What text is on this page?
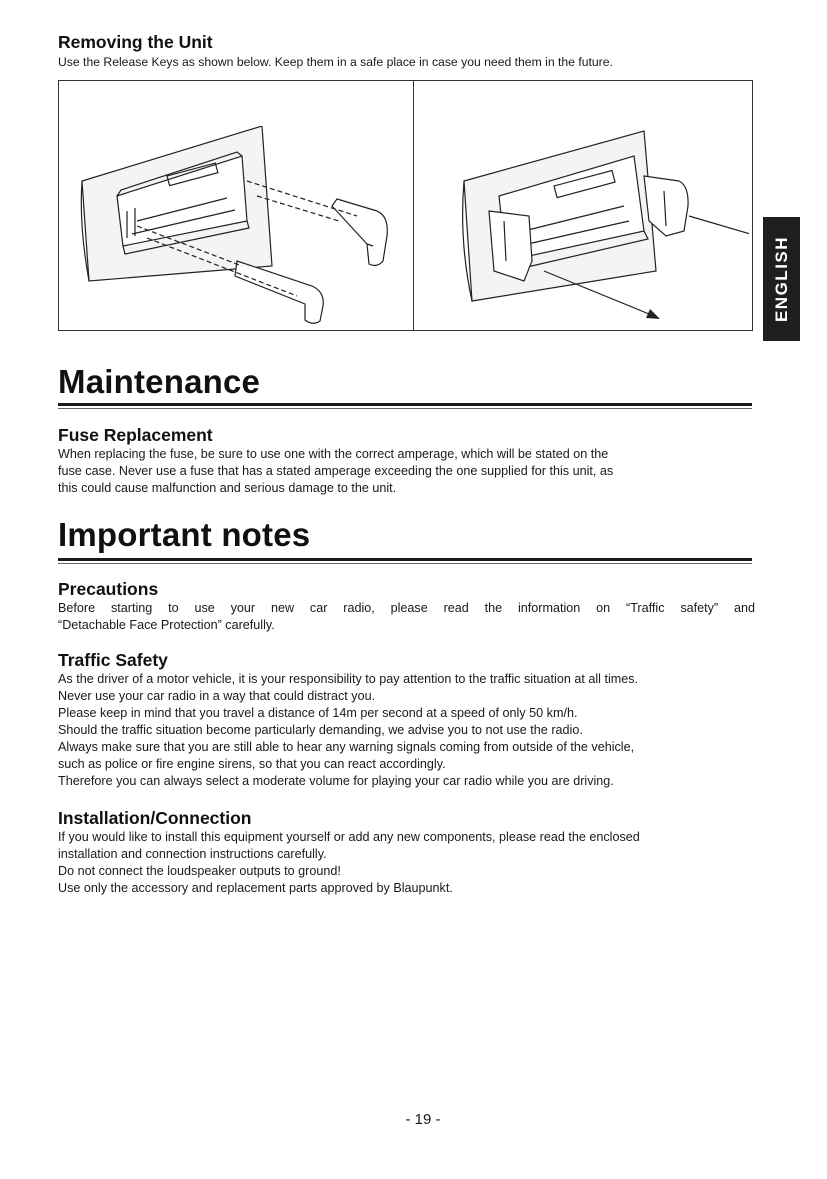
Removing the Unit
Use the Release Keys as shown below. Keep them in a safe place in case you need them in the future.
ENGLISH
Maintenance
Fuse Replacement
When replacing the fuse, be sure to use one with the correct amperage, which will be stated on the
fuse case. Never use a fuse that has a stated amperage exceeding the one supplied for this unit, as
this could cause malfunction and serious damage to the unit.
Important notes
Precautions
Before starting to use your new car radio, please read the information on “Traffic safety” and
“Detachable Face Protection” carefully.
Traffic Safety
As the driver of a motor vehicle, it is your responsibility to pay attention to the traffic situation at all times.
Never use your car radio in a way that could distract you.
Please keep in mind that you travel a distance of 14m per second at a speed of only 50 km/h.
Should the traffic situation become particularly demanding, we advise you to not use the radio.
Always make sure that you are still able to hear any warning signals coming from outside of the vehicle,
such as police or fire engine sirens, so that you can react accordingly.
Therefore you can always select a moderate volume for playing your car radio while you are driving.
Installation/Connection
If you would like to install this equipment yourself or add any new components, please read the enclosed
installation and connection instructions carefully.
Do not connect the loudspeaker outputs to ground!
Use only the accessory and replacement parts approved by Blaupunkt.
- 19 -
